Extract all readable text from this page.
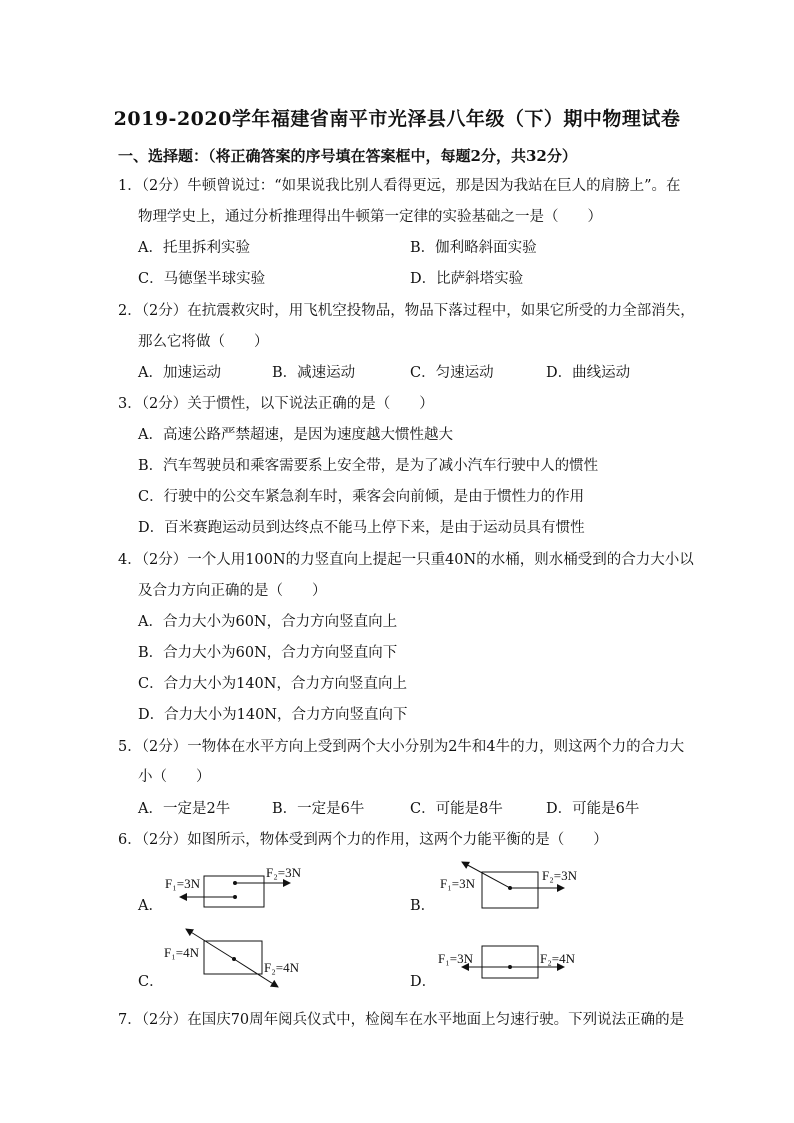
2019-2020学年福建省南平市光泽县八年级（下）期中物理试卷
一、选择题：（将正确答案的序号填在答案框中，每题2分，共32分）
1．（2分）牛顿曾说过：“如果说我比别人看得更远，那是因为我站在巨人的肩膀上”。在
物理学史上，通过分析推理得出牛顿第一定律的实验基础之一是（　　）
A．托里拆利实验	B．伽利略斜面实验
C．马德堡半球实验	D．比萨斜塔实验
2．（2分）在抗震救灾时，用飞机空投物品，物品下落过程中，如果它所受的力全部消失，
那么它将做（　　）
A．加速运动	B．减速运动	C．匀速运动	D．曲线运动
3．（2分）关于惯性，以下说法正确的是（　　）
A．高速公路严禁超速，是因为速度越大惯性越大
B．汽车驾驶员和乘客需要系上安全带，是为了减小汽车行驶中人的惯性
C．行驶中的公交车紧急刹车时，乘客会向前倾，是由于惯性力的作用
D．百米赛跑运动员到达终点不能马上停下来，是由于运动员具有惯性
4．（2分）一个人用100N的力竖直向上提起一只重40N的水桶，则水桶受到的合力大小以
及合力方向正确的是（　　）
A．合力大小为60N，合力方向竖直向上
B．合力大小为60N，合力方向竖直向下
C．合力大小为140N，合力方向竖直向上
D．合力大小为140N，合力方向竖直向下
5．（2分）一物体在水平方向上受到两个大小分别为2牛和4牛的力，则这两个力的合力大
小（　　）
A．一定是2牛	B．一定是6牛	C．可能是8牛	D．可能是6牛
6．（2分）如图所示，物体受到两个力的作用，这两个力能平衡的是（　　）
A．	B．
C．	D．
F₁=3N
F₂=3N
F₁=3N
F₂=3N
F₁=4N
F₂=4N
F₁=3N	F₂=4N
7．（2分）在国庆70周年阅兵仪式中，检阅车在水平地面上匀速行驶。下列说法正确的是
